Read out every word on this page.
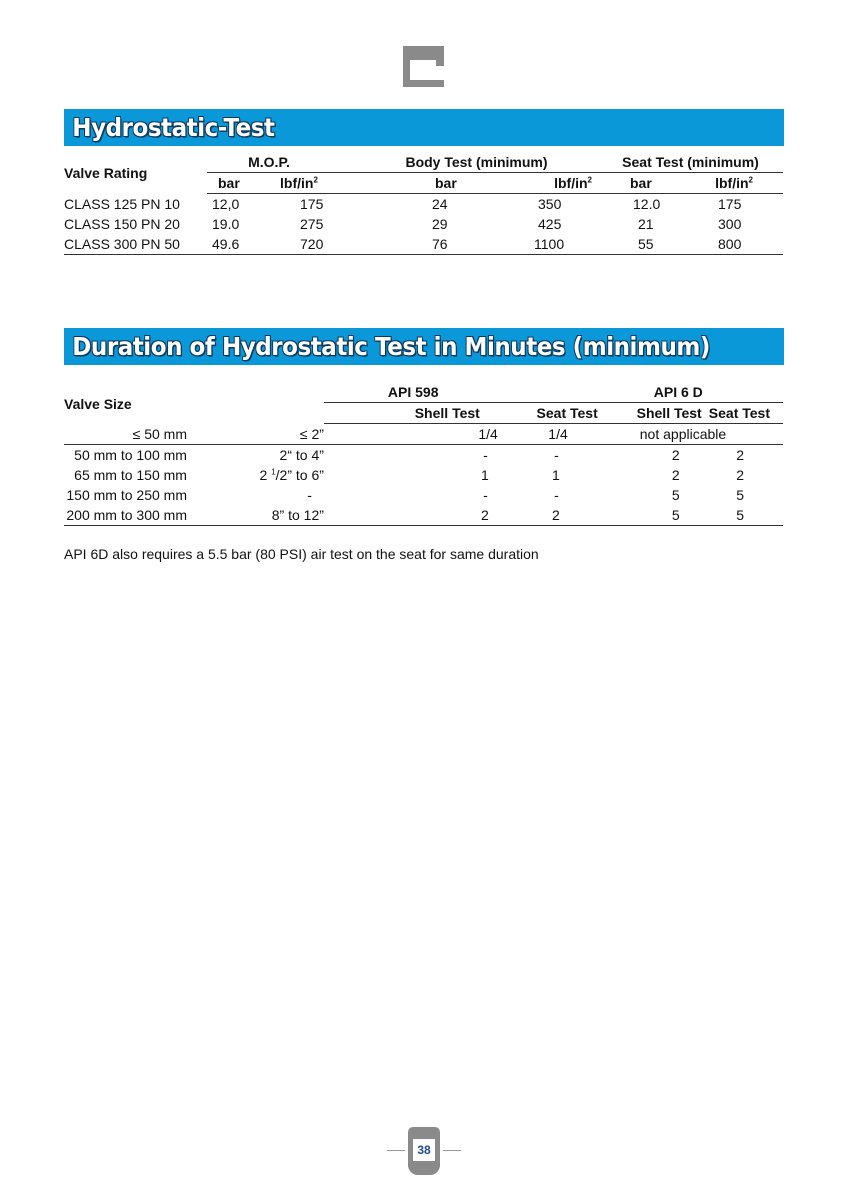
Hydrostatic-Test
Valve Rating	M.O.P.		Body Test (minimum)		Seat Test (minimum)	
	bar	lbf/$in^2$	bar	lbf/$in^2$	bar	lbf/$in^2$
CLASS 125 PN 10	12,0	175	24	350	12.0	175
CLASS 150 PN 20	19.0	275	29	425	21	300
CLASS 300 PN 50	49.6	720	76	1100	55	800
Duration of Hydrostatic Test in Minutes (minimum)
Valve Size		API 598		API 6 D	
		Shell Test	Seat Test	Shell Test	Seat Test
≤ 50 mm	≤ 2”	1/4	1/4	not applicable	
50 mm to 100 mm	2“ to 4”	-	-	2	2
65 mm to 150 mm	2 $^1$/2” to 6”	1	1	2	2
150 mm to 250 mm	-	-	-	5	5
200 mm to 300 mm	8” to 12”	2	2	5	5

API 6D also requires a 5.5 bar (80 PSI) air test on the seat for same duration

38
